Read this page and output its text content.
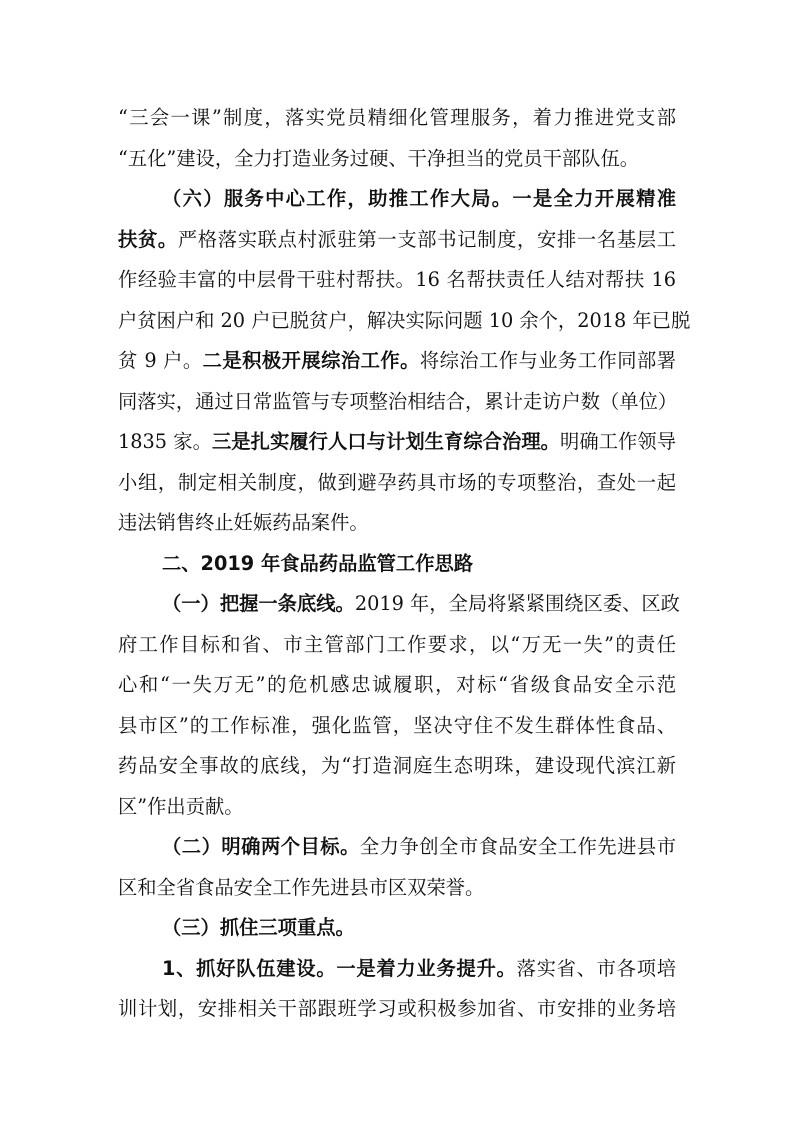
“三会一课”制度，落实党员精细化管理服务，着力推进党支部
“五化”建设，全力打造业务过硬、干净担当的党员干部队伍。
（六）服务中心工作，助推工作大局。一是全力开展精准
扶贫。严格落实联点村派驻第一支部书记制度，安排一名基层工
作经验丰富的中层骨干驻村帮扶。16 名帮扶责任人结对帮扶 16
户贫困户和 20 户已脱贫户，解决实际问题 10 余个，2018 年已脱
贫 9 户。二是积极开展综治工作。将综治工作与业务工作同部署
同落实，通过日常监管与专项整治相结合，累计走访户数（单位）
1835 家。三是扎实履行人口与计划生育综合治理。明确工作领导
小组，制定相关制度，做到避孕药具市场的专项整治，查处一起
违法销售终止妊娠药品案件。
二、2019 年食品药品监管工作思路
（一）把握一条底线。2019 年，全局将紧紧围绕区委、区政
府工作目标和省、市主管部门工作要求，以“万无一失”的责任
心和“一失万无”的危机感忠诚履职，对标“省级食品安全示范
县市区”的工作标准，强化监管，坚决守住不发生群体性食品、
药品安全事故的底线，为“打造洞庭生态明珠，建设现代滨江新
区”作出贡献。
（二）明确两个目标。全力争创全市食品安全工作先进县市
区和全省食品安全工作先进县市区双荣誉。
（三）抓住三项重点。
1、抓好队伍建设。一是着力业务提升。落实省、市各项培
训计划，安排相关干部跟班学习或积极参加省、市安排的业务培
